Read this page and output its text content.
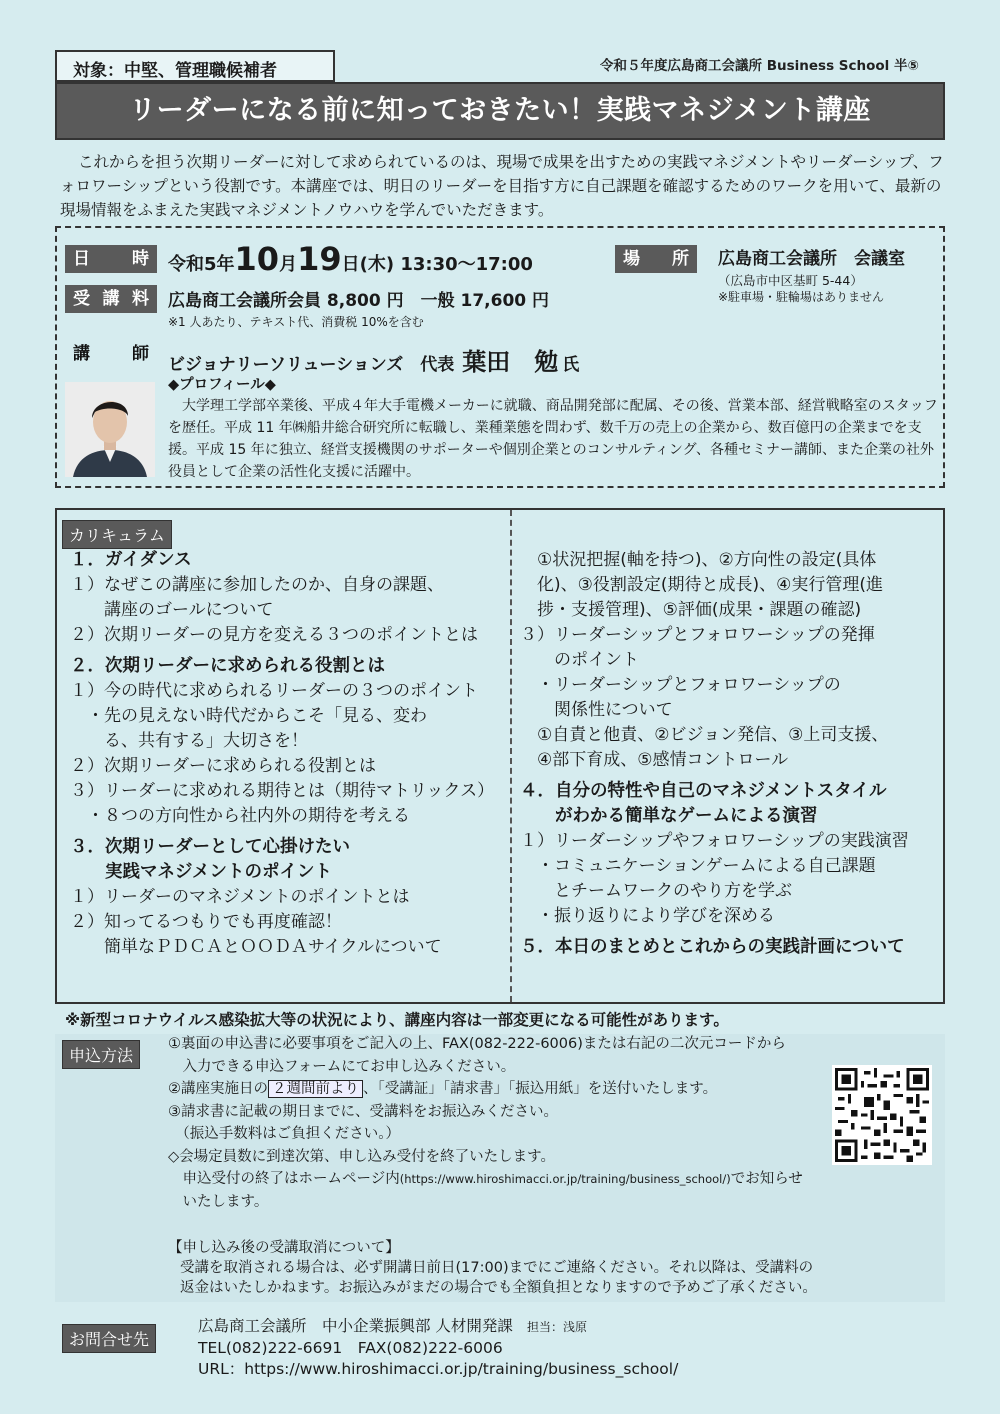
対象：中堅、管理職候補者	令和５年度広島商工会議所 Business School 半⑤
リーダーになる前に知っておきたい！実践マネジメント講座
これからを担う次期リーダーに対して求められているのは、現場で成果を出すための実践マネジメントやリーダーシップ、フォロワーシップという役割です。本講座では、明日のリーダーを目指す方に自己課題を確認するためのワークを用いて、最新の現場情報をふまえた実践マネジメントノウハウを学んでいただきます。
日 時 令和5年10月19日(木) 13:30～17:00	場 所 広島商工会議所　会議室
（広島市中区基町 5-44）
※駐車場・駐輪場はありません
受 講 料 広島商工会議所会員 8,800 円　 一般 17,600 円
※1 人あたり、テキスト代、消費税 10%を含む
講 師
ビジョナリーソリューションズ　代表 葉田　勉 氏
◆プロフィール◆
大学理工学部卒業後、平成４年大手電機メーカーに就職、商品開発部に配属、その後、営業本部、経営戦略室のスタッフを歴任。平成 11 年㈱船井総合研究所に転職し、業種業態を問わず、数千万の売上の企業から、数百億円の企業までを支援。平成 15 年に独立、経営支援機関のサポーターや個別企業とのコンサルティング、各種セミナー講師、また企業の社外役員として企業の活性化支援に活躍中。
カリキュラム
１．ガイダンス
１）なぜこの講座に参加したのか、自身の課題、
　　講座のゴールについて
２）次期リーダーの見方を変える３つのポイントとは
２．次期リーダーに求められる役割とは
１）今の時代に求められるリーダーの３つのポイント
　・先の見えない時代だからこそ「見る、変わ
　　る、共有する」大切さを！
２）次期リーダーに求められる役割とは
３）リーダーに求めれる期待とは（期待マトリックス）
　・８つの方向性から社内外の期待を考える
３．次期リーダーとして心掛けたい
　　実践マネジメントのポイント
１）リーダーのマネジメントのポイントとは
２）知ってるつもりでも再度確認！
　　簡単なＰＤＣＡとＯＯＤＡサイクルについて
　①状況把握(軸を持つ)、②方向性の設定(具体
　化)、③役割設定(期待と成長)、④実行管理(進
　捗・支援管理)、⑤評価(成果・課題の確認)
３）リーダーシップとフォロワーシップの発揮
　　のポイント
　・リーダーシップとフォロワーシップの
　　関係性について
　①自責と他責、②ビジョン発信、③上司支援、
　④部下育成、⑤感情コントロール
４．自分の特性や自己のマネジメントスタイル
　　がわかる簡単なゲームによる演習
１）リーダーシップやフォロワーシップの実践演習
　・コミュニケーションゲームによる自己課題
　　とチームワークのやり方を学ぶ
　・振り返りにより学びを深める
５．本日のまとめとこれからの実践計画について
※新型コロナウイルス感染拡大等の状況により、講座内容は一部変更になる可能性があります。
申込方法
①裏面の申込書に必要事項をご記入の上、FAX(082-222-6006)または右記の二次元コードから
　入力できる申込フォームにてお申し込みください。
②講座実施日の ２週間前より 、「受講証」「請求書」「振込用紙」を送付いたします。
③請求書に記載の期日までに、受講料をお振込みください。
　（振込手数料はご負担ください。）
◇会場定員数に到達次第、申し込み受付を終了いたします。
　申込受付の終了はホームページ内(https://www.hiroshimacci.or.jp/training/business_school/)でお知らせ
　いたします。
【申し込み後の受講取消について】
受講を取消される場合は、必ず開講日前日(17:00)までにご連絡ください。それ以降は、受講料の
返金はいたしかねます。お振込みがまだの場合でも全額負担となりますので予めご了承ください。
お問合せ先
広島商工会議所　中小企業振興部 人材開発課 担当：浅原
TEL(082)222-6691　FAX(082)222-6006
URL：https://www.hiroshimacci.or.jp/training/business_school/
